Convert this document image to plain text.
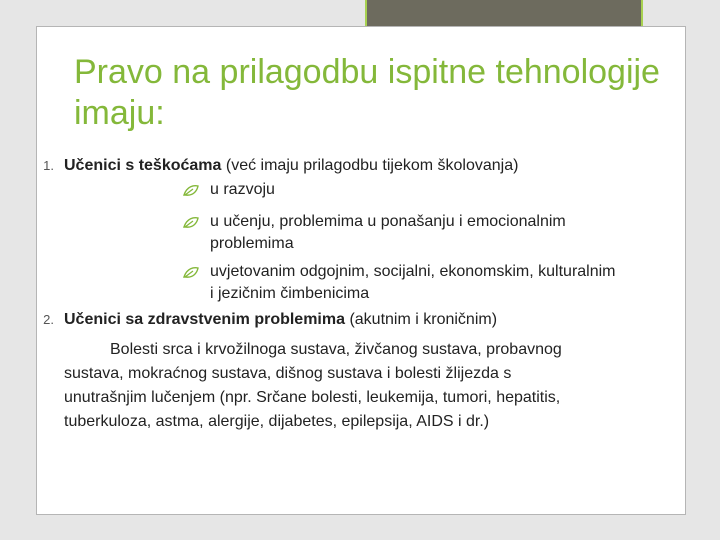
Pravo na prilagodbu ispitne tehnologije
imaju:
1. Učenici s teškoćama (već imaju prilagodbu tijekom školovanja)
u razvoju
u učenju, problemima u ponašanju i emocionalnim
problemima
uvjetovanim odgojnim, socijalni, ekonomskim, kulturalnim
i jezičnim čimbenicima
2. Učenici sa zdravstvenim problemima (akutnim i kroničnim)
Bolesti srca i krvožilnoga sustava, živčanog sustava, probavnog
sustava, mokraćnog sustava, dišnog sustava i bolesti žlijezda s
unutrašnjim lučenjem (npr. Srčane bolesti, leukemija, tumori, hepatitis,
tuberkuloza, astma, alergije, dijabetes, epilepsija, AIDS i dr.)
